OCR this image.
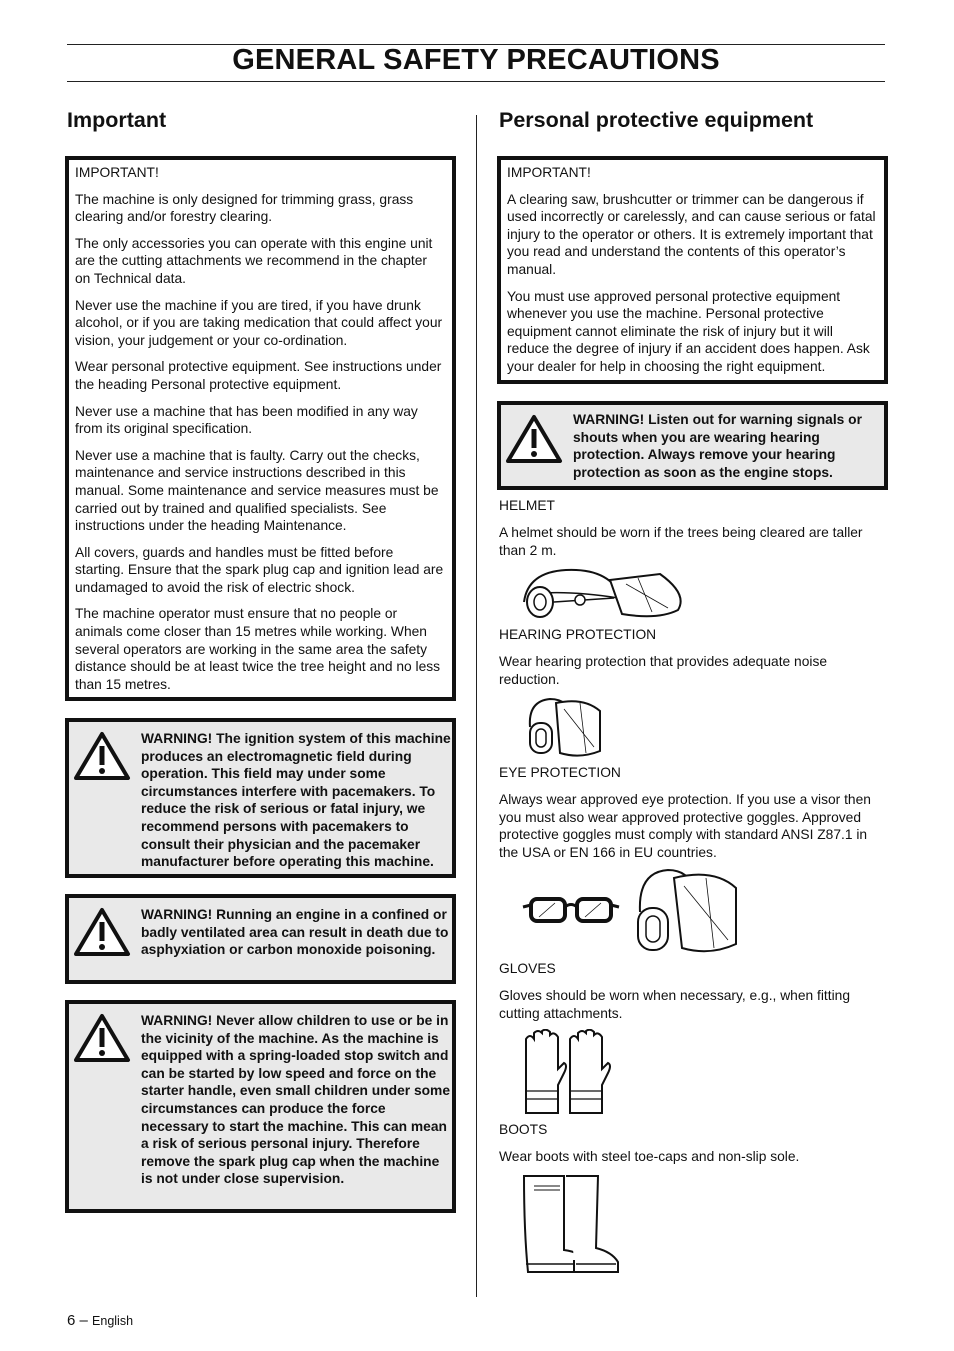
GENERAL SAFETY PRECAUTIONS
Important

IMPORTANT!

The machine is only designed for trimming grass, grass clearing and/or forestry clearing.

The only accessories you can operate with this engine unit are the cutting attachments we recommend in the chapter on Technical data.

Never use the machine if you are tired, if you have drunk alcohol, or if you are taking medication that could affect your vision, your judgement or your co-ordination.

Wear personal protective equipment. See instructions under the heading Personal protective equipment.

Never use a machine that has been modified in any way from its original specification.

Never use a machine that is faulty. Carry out the checks, maintenance and service instructions described in this manual. Some maintenance and service measures must be carried out by trained and qualified specialists. See instructions under the heading Maintenance.

All covers, guards and handles must be fitted before starting. Ensure that the spark plug cap and ignition lead are undamaged to avoid the risk of electric shock.

The machine operator must ensure that no people or animals come closer than 15 metres while working. When several operators are working in the same area the safety distance should be at least twice the tree height and no less than 15 metres.

WARNING! The ignition system of this machine produces an electromagnetic field during operation. This field may under some circumstances interfere with pacemakers. To reduce the risk of serious or fatal injury, we recommend persons with pacemakers to consult their physician and the pacemaker manufacturer before operating this machine.
WARNING! Running an engine in a confined or badly ventilated area can result in death due to asphyxiation or carbon monoxide poisoning.
WARNING! Never allow children to use or be in the vicinity of the machine. As the machine is equipped with a spring-loaded stop switch and can be started by low speed and force on the starter handle, even small children under some circumstances can produce the force necessary to start the machine. This can mean a risk of serious personal injury. Therefore remove the spark plug cap when the machine is not under close supervision.
Personal protective equipment

IMPORTANT!

A clearing saw, brushcutter or trimmer can be dangerous if used incorrectly or carelessly, and can cause serious or fatal injury to the operator or others. It is extremely important that you read and understand the contents of this operator’s manual.

You must use approved personal protective equipment whenever you use the machine. Personal protective equipment cannot eliminate the risk of injury but it will reduce the degree of injury if an accident does happen. Ask your dealer for help in choosing the right equipment.

WARNING! Listen out for warning signals or shouts when you are wearing hearing protection. Always remove your hearing protection as soon as the engine stops.

HELMET

A helmet should be worn if the trees being cleared are taller than 2 m.

HEARING PROTECTION

Wear hearing protection that provides adequate noise reduction.

EYE PROTECTION

Always wear approved eye protection. If you use a visor then you must also wear approved protective goggles. Approved protective goggles must comply with standard ANSI Z87.1 in the USA or EN 166 in EU countries.

GLOVES

Gloves should be worn when necessary, e.g., when fitting cutting attachments.

BOOTS

Wear boots with steel toe-caps and non-slip sole.

6 – English
